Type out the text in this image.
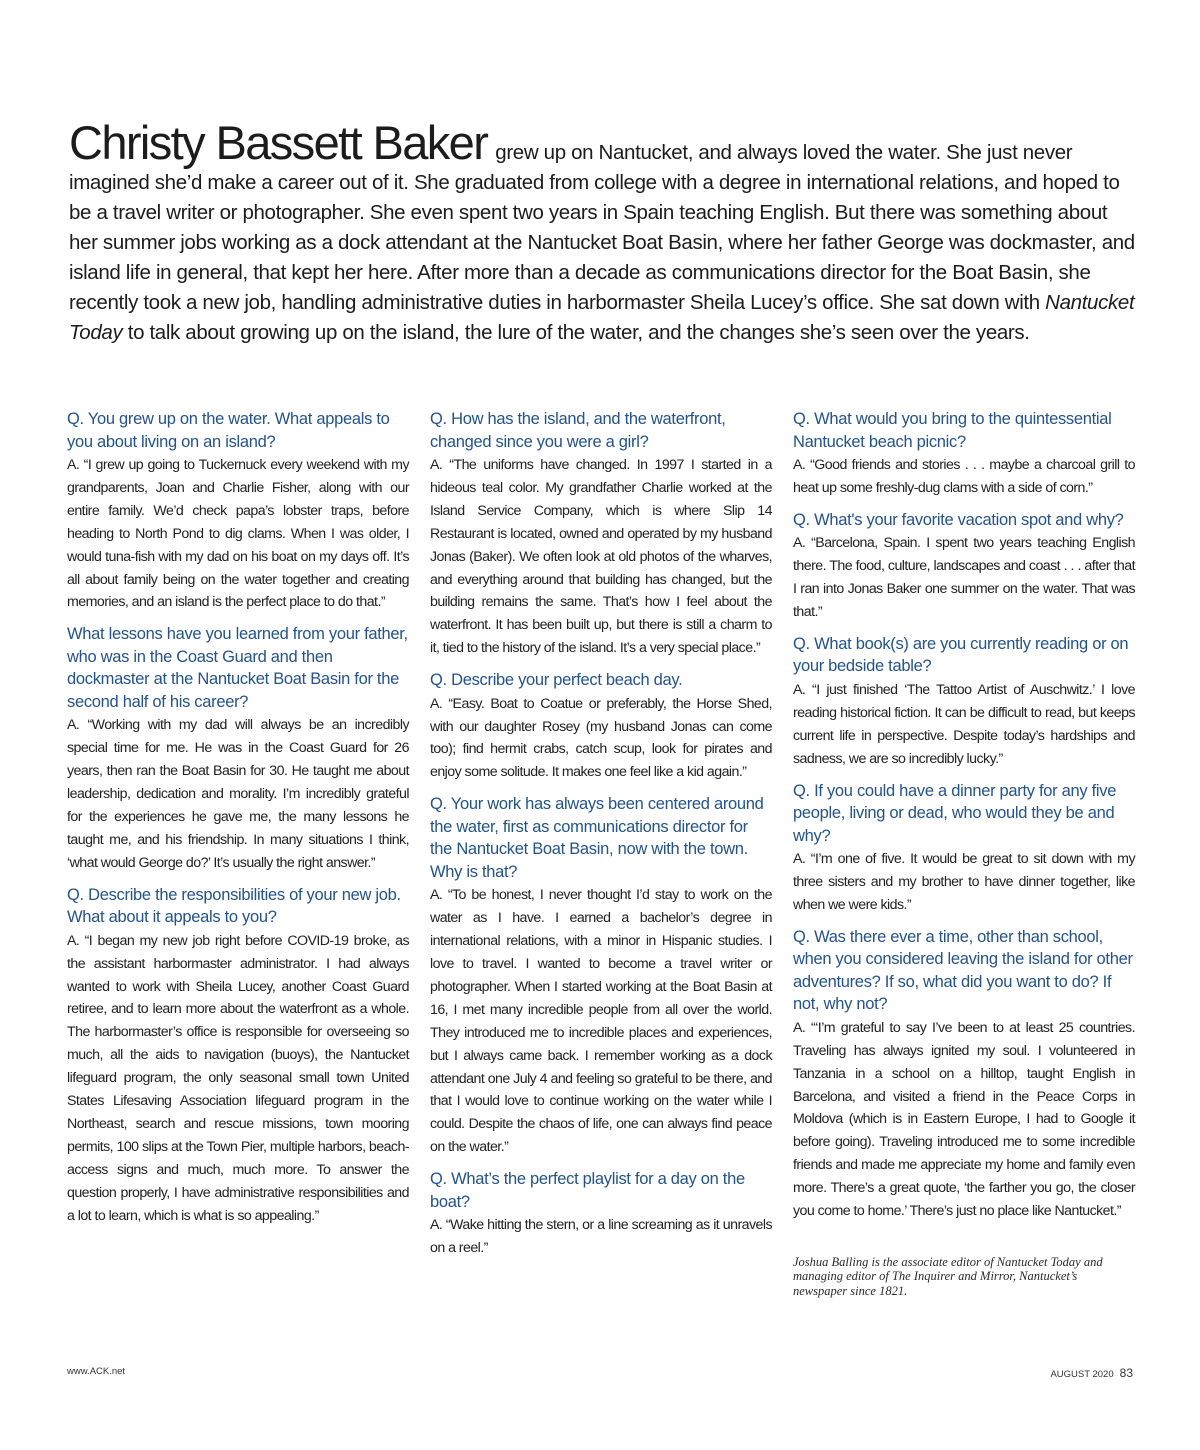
Christy Bassett Baker grew up on Nantucket, and always loved the water. She just never imagined she’d make a career out of it. She graduated from college with a degree in international relations, and hoped to be a travel writer or photographer. She even spent two years in Spain teaching English. But there was something about her summer jobs working as a dock attendant at the Nantucket Boat Basin, where her father George was dockmaster, and island life in general, that kept her here. After more than a decade as communications director for the Boat Basin, she recently took a new job, handling administrative duties in harbormaster Sheila Lucey’s office. She sat down with Nantucket Today to talk about growing up on the island, the lure of the water, and the changes she’s seen over the years.
Q. You grew up on the water. What appeals to you about living on an island?
A. “I grew up going to Tuckernuck every weekend with my grandparents, Joan and Charlie Fisher, along with our entire family. We’d check papa’s lobster traps, before heading to North Pond to dig clams. When I was older, I would tuna-fish with my dad on his boat on my days off. It’s all about family being on the water together and creating memories, and an island is the perfect place to do that.”
What lessons have you learned from your father, who was in the Coast Guard and then dockmaster at the Nantucket Boat Basin for the second half of his career?
A. “Working with my dad will always be an incredibly special time for me. He was in the Coast Guard for 26 years, then ran the Boat Basin for 30. He taught me about leadership, dedication and morality. I’m incredibly grateful for the experiences he gave me, the many lessons he taught me, and his friendship. In many situations I think, ‘what would George do?’ It’s usually the right answer.”
Q. Describe the responsibilities of your new job. What about it appeals to you?
A. “I began my new job right before COVID-19 broke, as the assistant harbormaster administrator. I had always wanted to work with Sheila Lucey, another Coast Guard retiree, and to learn more about the waterfront as a whole. The harbormaster’s office is responsible for overseeing so much, all the aids to navigation (buoys), the Nantucket lifeguard program, the only seasonal small town United States Lifesaving Association lifeguard program in the Northeast, search and rescue missions, town mooring permits, 100 slips at the Town Pier, multiple harbors, beach-access signs and much, much more. To answer the question properly, I have administrative responsibilities and a lot to learn, which is what is so appealing.”
Q. How has the island, and the waterfront, changed since you were a girl?
A. “The uniforms have changed. In 1997 I started in a hideous teal color. My grandfather Charlie worked at the Island Service Company, which is where Slip 14 Restaurant is located, owned and operated by my husband Jonas (Baker). We often look at old photos of the wharves, and everything around that building has changed, but the building remains the same. That’s how I feel about the waterfront. It has been built up, but there is still a charm to it, tied to the history of the island. It’s a very special place.”
Q. Describe your perfect beach day.
A. “Easy. Boat to Coatue or preferably, the Horse Shed, with our daughter Rosey (my husband Jonas can come too); find hermit crabs, catch scup, look for pirates and enjoy some solitude. It makes one feel like a kid again.”
Q. Your work has always been centered around the water, first as communications director for the Nantucket Boat Basin, now with the town. Why is that?
A. “To be honest, I never thought I’d stay to work on the water as I have. I earned a bachelor’s degree in international relations, with a minor in Hispanic studies. I love to travel. I wanted to become a travel writer or photographer. When I started working at the Boat Basin at 16, I met many incredible people from all over the world. They introduced me to incredible places and experiences, but I always came back. I remember working as a dock attendant one July 4 and feeling so grateful to be there, and that I would love to continue working on the water while I could. Despite the chaos of life, one can always find peace on the water.”
Q. What’s the perfect playlist for a day on the boat?
A. “Wake hitting the stern, or a line screaming as it unravels on a reel.”
Q. What would you bring to the quintessential Nantucket beach picnic?
A. “Good friends and stories . . . maybe a charcoal grill to heat up some freshly-dug clams with a side of corn.”
Q. What's your favorite vacation spot and why?
A. “Barcelona, Spain. I spent two years teaching English there. The food, culture, landscapes and coast . . . after that I ran into Jonas Baker one summer on the water. That was that.”
Q. What book(s) are you currently reading or on your bedside table?
A. “I just finished ‘The Tattoo Artist of Auschwitz.’ I love reading historical fiction. It can be difficult to read, but keeps current life in perspective. Despite today’s hardships and sadness, we are so incredibly lucky.”
Q. If you could have a dinner party for any five people, living or dead, who would they be and why?
A. “I’m one of five. It would be great to sit down with my three sisters and my brother to have dinner together, like when we were kids.”
Q. Was there ever a time, other than school, when you considered leaving the island for other adventures? If so, what did you want to do? If not, why not?
A. “‘I’m grateful to say I’ve been to at least 25 countries. Traveling has always ignited my soul. I volunteered in Tanzania in a school on a hilltop, taught English in Barcelona, and visited a friend in the Peace Corps in Moldova (which is in Eastern Europe, I had to Google it before going). Traveling introduced me to some incredible friends and made me appreciate my home and family even more. There’s a great quote, ‘the farther you go, the closer you come to home.’ There’s just no place like Nantucket.”
Joshua Balling is the associate editor of Nantucket Today and managing editor of The Inquirer and Mirror, Nantucket’s newspaper since 1821.
www.ACK.net	AUGUST 2020 83
